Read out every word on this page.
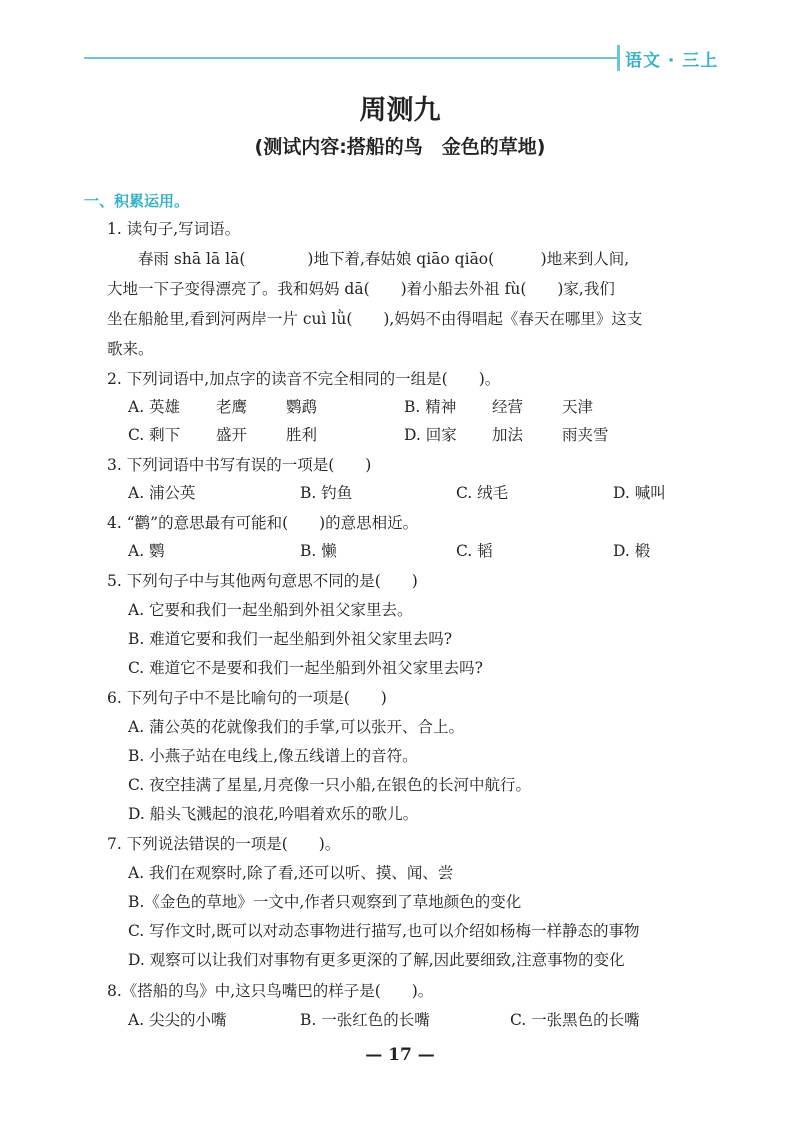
语文 · 三上
周测九
(测试内容:搭船的鸟　金色的草地)
一、积累运用。
1. 读句子,写词语。
　　春雨 shā lā lā(　　　　)地下着,春姑娘 qiāo qiāo(　　　)地来到人间,
大地一下子变得漂亮了。我和妈妈 dā(　　)着小船去外祖 fù(　　)家,我们
坐在船舱里,看到河两岸一片 cuì lǜ(　　),妈妈不由得唱起《春天在哪里》这支
歌来。
2. 下列词语中,加点字的读音不完全相同的一组是(　　)。
A. 英雄 老鹰	鹦鹉	B. 精神 经营	天津
C. 剩下 盛开	胜利	D. 回家 加法	雨夹雪
3. 下列词语中书写有误的一项是(　　)
A. 浦公英	B. 钓鱼	C. 绒毛	D. 喊叫
4. “鹳”的意思最有可能和(　　)的意思相近。
A. 鹦	B. 懒	C. 韬	D. 椴
5. 下列句子中与其他两句意思不同的是(　　)
A. 它要和我们一起坐船到外祖父家里去。
B. 难道它要和我们一起坐船到外祖父家里去吗?
C. 难道它不是要和我们一起坐船到外祖父家里去吗?
6. 下列句子中不是比喻句的一项是(　　)
A. 蒲公英的花就像我们的手掌,可以张开、合上。
B. 小燕子站在电线上,像五线谱上的音符。
C. 夜空挂满了星星,月亮像一只小船,在银色的长河中航行。
D. 船头飞溅起的浪花,吟唱着欢乐的歌儿。
7. 下列说法错误的一项是(　　)。
A. 我们在观察时,除了看,还可以听、摸、闻、尝
B.《金色的草地》一文中,作者只观察到了草地颜色的变化
C. 写作文时,既可以对动态事物进行描写,也可以介绍如杨梅一样静态的事物
D. 观察可以让我们对事物有更多更深的了解,因此要细致,注意事物的变化
8.《搭船的鸟》中,这只鸟嘴巴的样子是(　　)。
A. 尖尖的小嘴	B. 一张红色的长嘴	C. 一张黑色的长嘴
— 17 —
